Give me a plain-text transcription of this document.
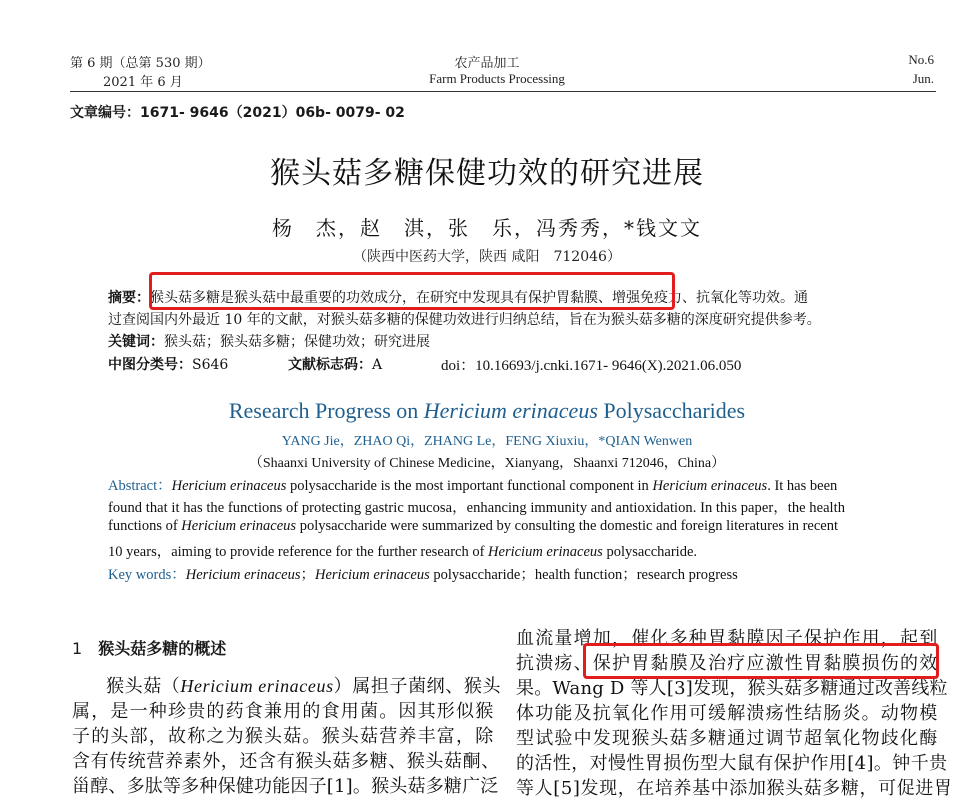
第 6 期（总第 530 期）
2021 年 6 月
农产品加工
Farm Products Processing
No.6
Jun.
文章编号：1671- 9646（2021）06b- 0079- 02
猴头菇多糖保健功效的研究进展
杨　杰，赵　淇，张　乐，冯秀秀，*钱文文
（陕西中医药大学，陕西 咸阳　712046）
摘要：猴头菇多糖是猴头菇中最重要的功效成分，在研究中发现具有保护胃黏膜、增强免疫力、抗氧化等功效。通
过查阅国内外最近 10 年的文献，对猴头菇多糖的保健功效进行归纳总结，旨在为猴头菇多糖的深度研究提供参考。
关键词：猴头菇；猴头菇多糖；保健功效；研究进展
中图分类号：S646	文献标志码：A	doi：10.16693/j.cnki.1671- 9646(X).2021.06.050
Research Progress on Hericium erinaceus Polysaccharides
YANG Jie，ZHAO Qi，ZHANG Le，FENG Xiuxiu，*QIAN Wenwen
（Shaanxi University of Chinese Medicine，Xianyang，Shaanxi 712046，China）
Abstract：Hericium erinaceus polysaccharide is the most important functional component in Hericium erinaceus. It has been
found that it has the functions of protecting gastric mucosa，enhancing immunity and antioxidation. In this paper，the health
functions of Hericium erinaceus polysaccharide were summarized by consulting the domestic and foreign literatures in recent
10 years，aiming to provide reference for the further research of Hericium erinaceus polysaccharide.
Key words：Hericium erinaceus；Hericium erinaceus polysaccharide；health function；research progress
1 猴头菇多糖的概述
猴头菇（Hericium erinaceus）属担子菌纲、猴头
属，是一种珍贵的药食兼用的食用菌。因其形似猴
子的头部，故称之为猴头菇。猴头菇营养丰富，除
含有传统营养素外，还含有猴头菇多糖、猴头菇酮、
甾醇、多肽等多种保健功能因子[1]。猴头菇多糖广泛
血流量增加，催化多种胃黏膜因子保护作用，起到
抗溃疡、保护胃黏膜及治疗应激性胃黏膜损伤的效
果。Wang D 等人[3]发现，猴头菇多糖通过改善线粒
体功能及抗氧化作用可缓解溃疡性结肠炎。动物模
型试验中发现猴头菇多糖通过调节超氧化物歧化酶
的活性，对慢性胃损伤型大鼠有保护作用[4]。钟千贵
等人[5]发现，在培养基中添加猴头菇多糖，可促进胃
